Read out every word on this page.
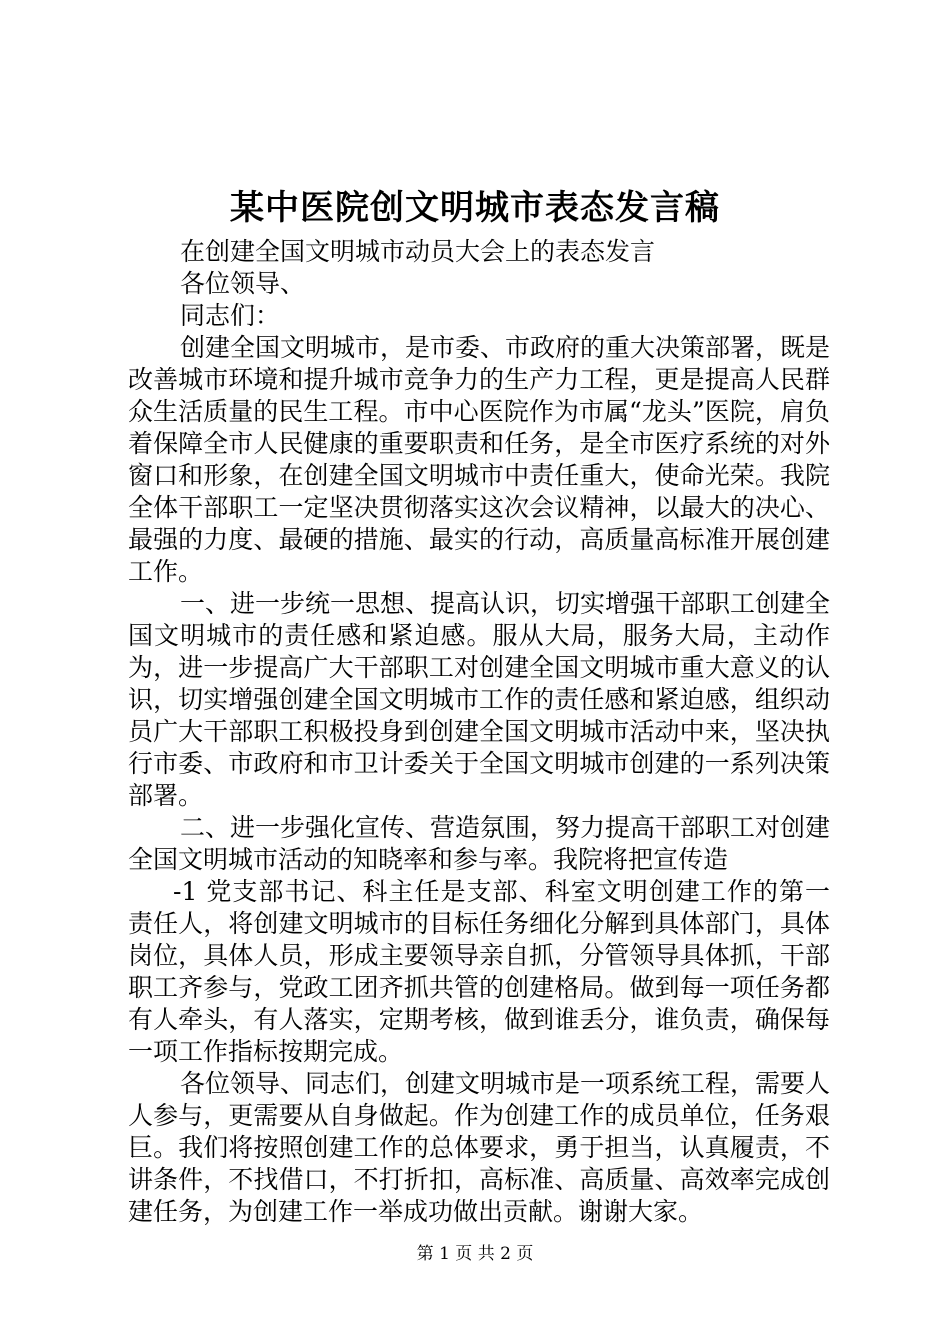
某中医院创文明城市表态发言稿

在创建全国文明城市动员大会上的表态发言

各位领导、

同志们：

创建全国文明城市，是市委、市政府的重大决策部署，既是改善城市环境和提升城市竞争力的生产力工程，更是提高人民群众生活质量的民生工程。市中心医院作为市属“龙头”医院，肩负着保障全市人民健康的重要职责和任务，是全市医疗系统的对外窗口和形象，在创建全国文明城市中责任重大，使命光荣。我院全体干部职工一定坚决贯彻落实这次会议精神，以最大的决心、最强的力度、最硬的措施、最实的行动，高质量高标准开展创建工作。

一、进一步统一思想、提高认识，切实增强干部职工创建全国文明城市的责任感和紧迫感。服从大局，服务大局，主动作为，进一步提高广大干部职工对创建全国文明城市重大意义的认识，切实增强创建全国文明城市工作的责任感和紧迫感，组织动员广大干部职工积极投身到创建全国文明城市活动中来，坚决执行市委、市政府和市卫计委关于全国文明城市创建的一系列决策部署。

二、进一步强化宣传、营造氛围，努力提高干部职工对创建全国文明城市活动的知晓率和参与率。我院将把宣传造

-1 党支部书记、科主任是支部、科室文明创建工作的第一责任人，将创建文明城市的目标任务细化分解到具体部门，具体岗位，具体人员，形成主要领导亲自抓，分管领导具体抓，干部职工齐参与，党政工团齐抓共管的创建格局。做到每一项任务都有人牵头，有人落实，定期考核，做到谁丢分，谁负责，确保每一项工作指标按期完成。

各位领导、同志们，创建文明城市是一项系统工程，需要人人参与，更需要从自身做起。作为创建工作的成员单位，任务艰巨。我们将按照创建工作的总体要求，勇于担当，认真履责，不讲条件，不找借口，不打折扣，高标准、高质量、高效率完成创建任务，为创建工作一举成功做出贡献。谢谢大家。

第 1 页 共 2 页
